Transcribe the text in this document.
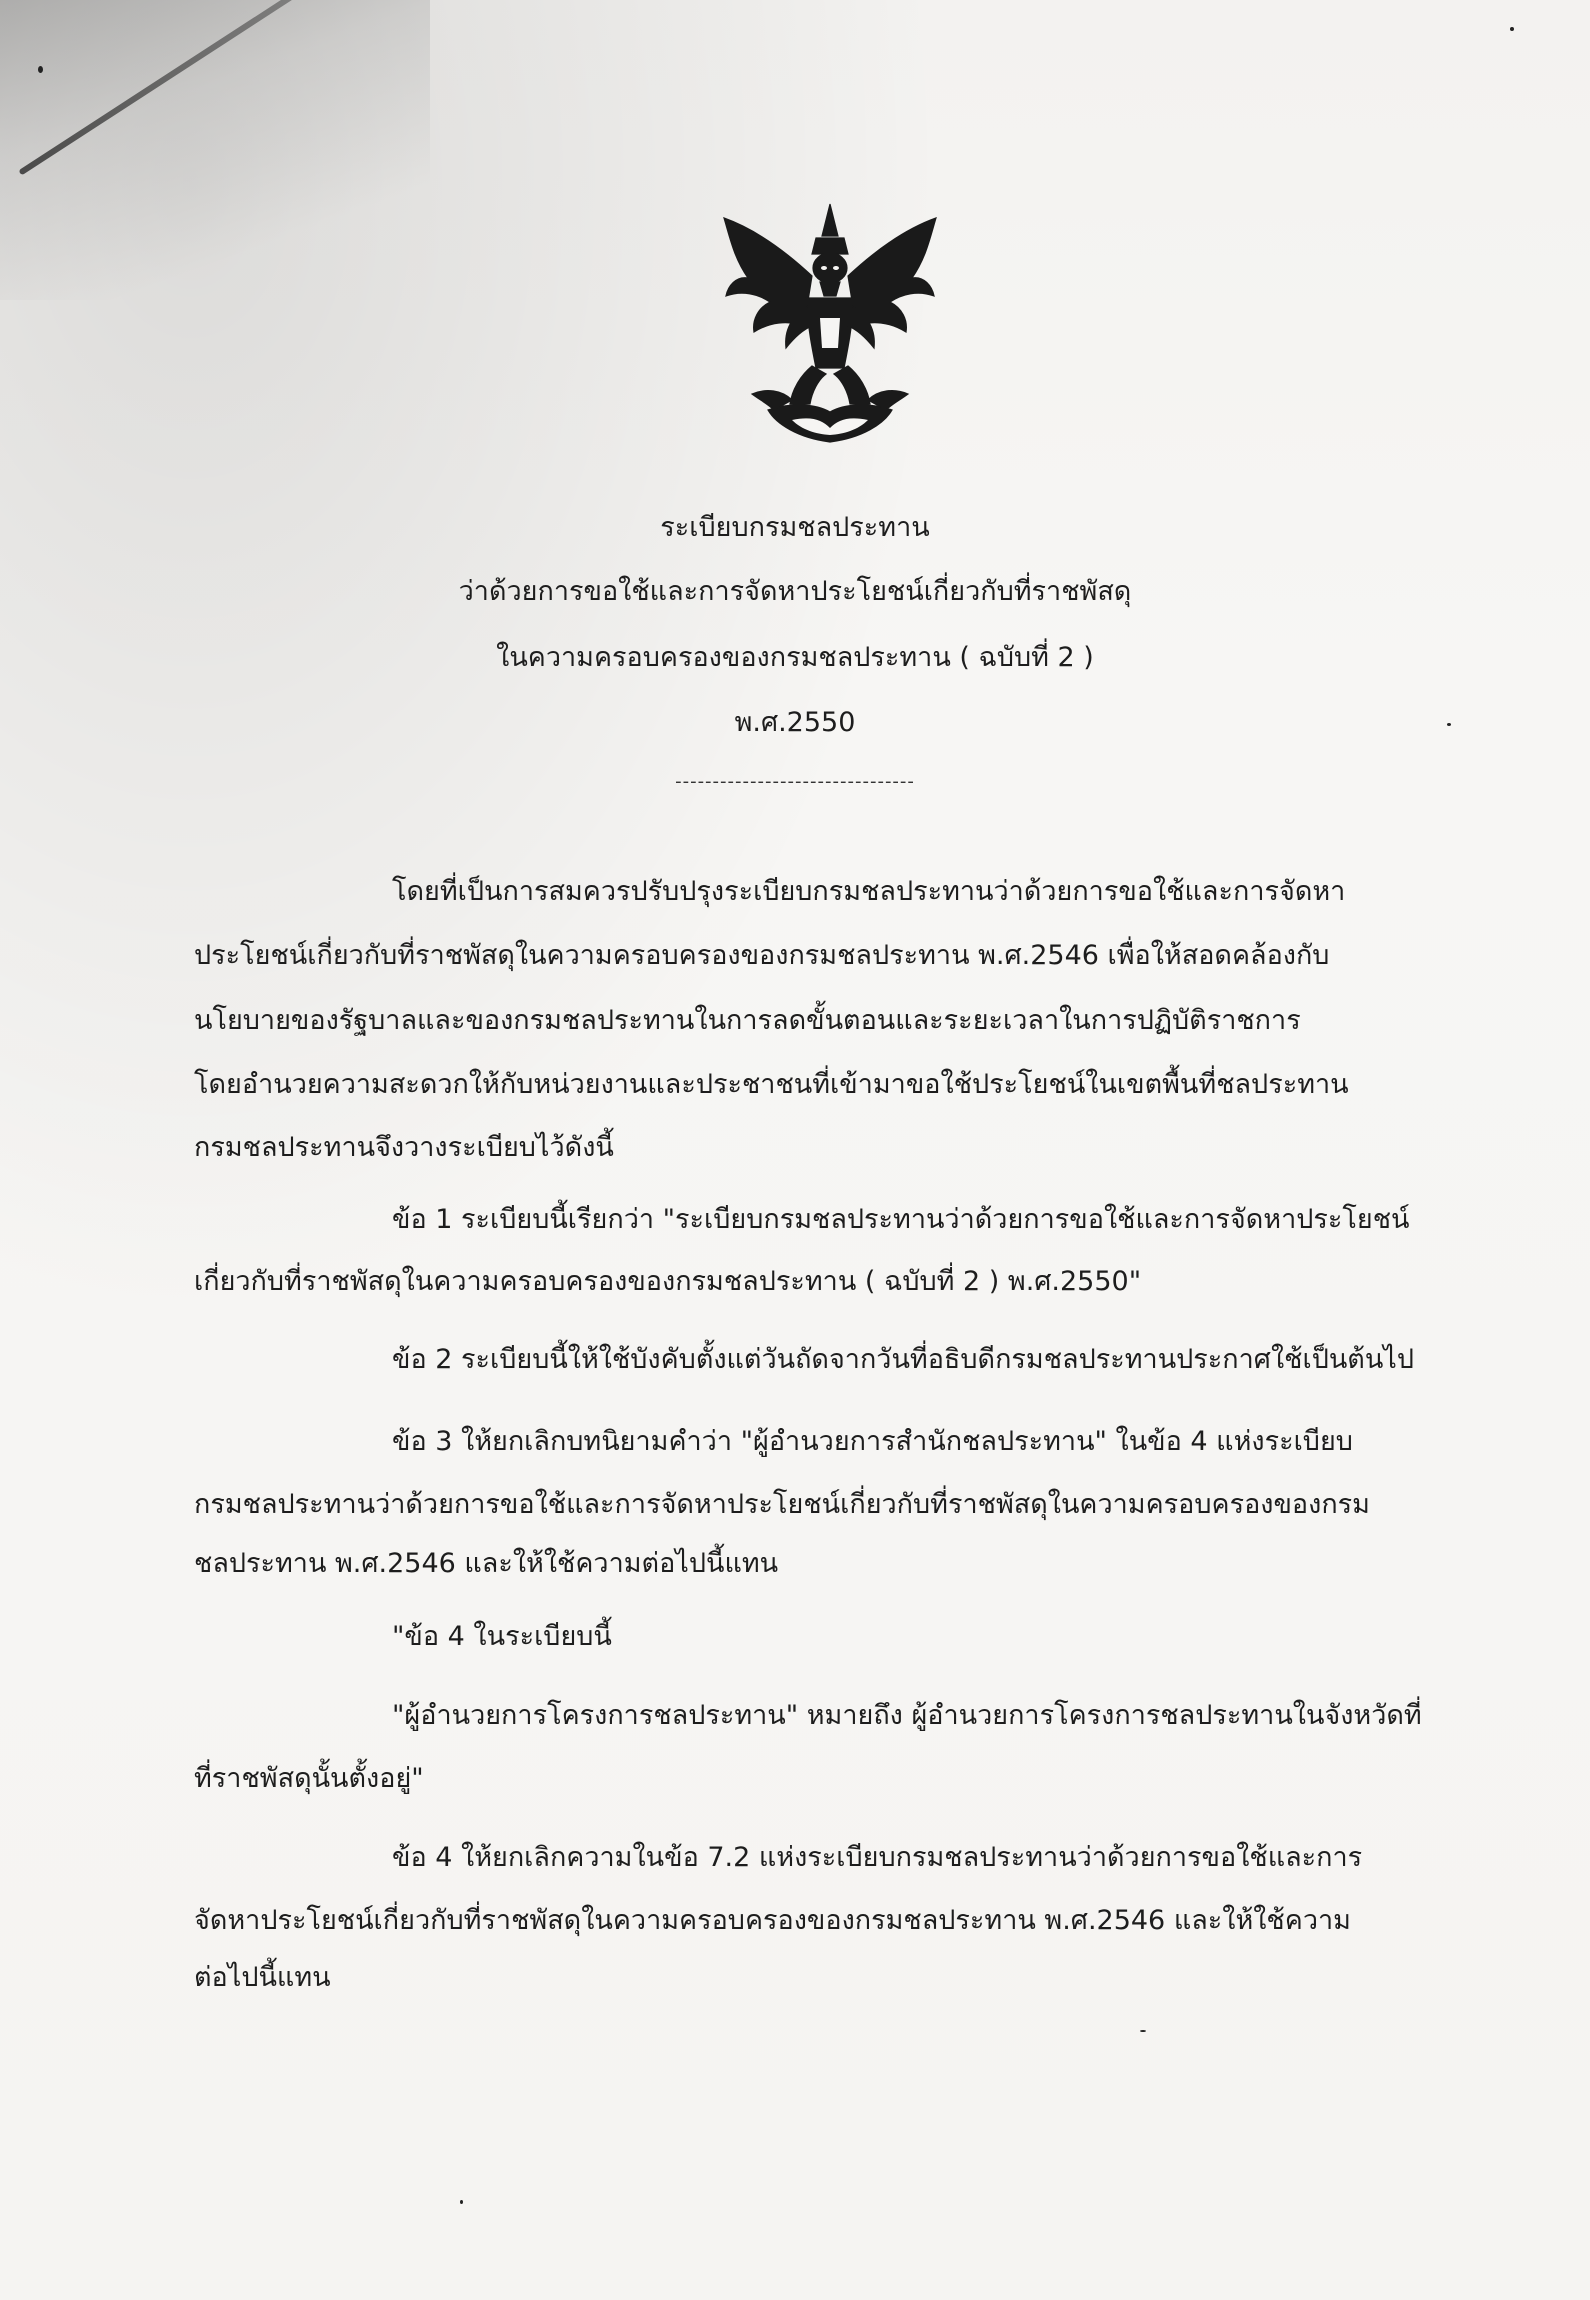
ระเบียบกรมชลประทาน

ว่าด้วยการขอใช้และการจัดหาประโยชน์เกี่ยวกับที่ราชพัสดุ

ในความครอบครองของกรมชลประทาน ( ฉบับที่ 2 )

พ.ศ.2550

--------------------------------

โดยที่เป็นการสมควรปรับปรุงระเบียบกรมชลประทานว่าด้วยการขอใช้และการจัดหา

ประโยชน์เกี่ยวกับที่ราชพัสดุในความครอบครองของกรมชลประทาน พ.ศ.2546 เพื่อให้สอดคล้องกับ

นโยบายของรัฐบาลและของกรมชลประทานในการลดขั้นตอนและระยะเวลาในการปฏิบัติราชการ

โดยอำนวยความสะดวกให้กับหน่วยงานและประชาชนที่เข้ามาขอใช้ประโยชน์ในเขตพื้นที่ชลประทาน

กรมชลประทานจึงวางระเบียบไว้ดังนี้

ข้อ 1 ระเบียบนี้เรียกว่า "ระเบียบกรมชลประทานว่าด้วยการขอใช้และการจัดหาประโยชน์

เกี่ยวกับที่ราชพัสดุในความครอบครองของกรมชลประทาน ( ฉบับที่ 2 ) พ.ศ.2550"

ข้อ 2 ระเบียบนี้ให้ใช้บังคับตั้งแต่วันถัดจากวันที่อธิบดีกรมชลประทานประกาศใช้เป็นต้นไป

ข้อ 3 ให้ยกเลิกบทนิยามคำว่า "ผู้อำนวยการสำนักชลประทาน" ในข้อ 4 แห่งระเบียบ

กรมชลประทานว่าด้วยการขอใช้และการจัดหาประโยชน์เกี่ยวกับที่ราชพัสดุในความครอบครองของกรม

ชลประทาน พ.ศ.2546 และให้ใช้ความต่อไปนี้แทน

"ข้อ 4 ในระเบียบนี้

"ผู้อำนวยการโครงการชลประทาน" หมายถึง ผู้อำนวยการโครงการชลประทานในจังหวัดที่

ที่ราชพัสดุนั้นตั้งอยู่"

ข้อ 4 ให้ยกเลิกความในข้อ 7.2 แห่งระเบียบกรมชลประทานว่าด้วยการขอใช้และการ

จัดหาประโยชน์เกี่ยวกับที่ราชพัสดุในความครอบครองของกรมชลประทาน พ.ศ.2546 และให้ใช้ความ

ต่อไปนี้แทน
